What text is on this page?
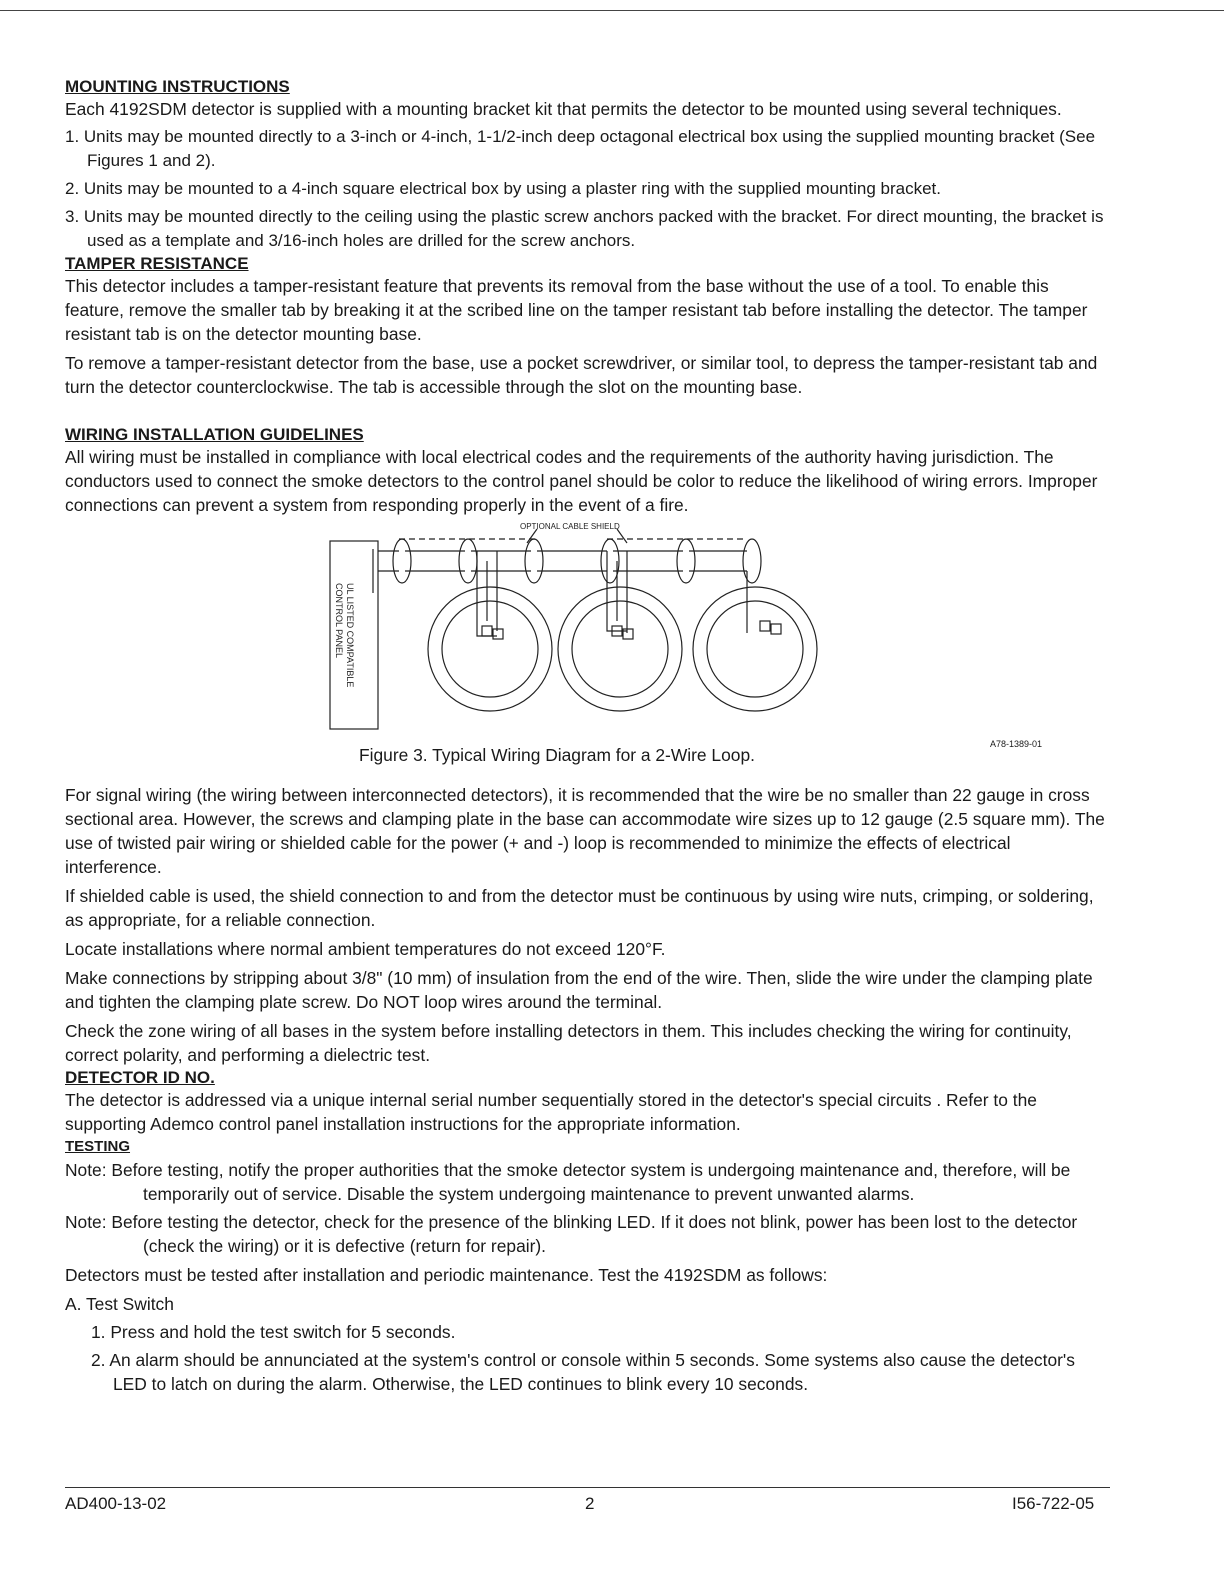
MOUNTING INSTRUCTIONS

Each 4192SDM detector is supplied with a mounting bracket kit that permits the detector to be mounted using several techniques.

1. Units may be mounted directly to a 3-inch or 4-inch, 1-1/2-inch deep octagonal electrical box using the supplied mounting bracket (See Figures 1 and 2).
2. Units may be mounted to a 4-inch square electrical box by using a plaster ring with the supplied mounting bracket.
3. Units may be mounted directly to the ceiling using the plastic screw anchors packed with the bracket. For direct mounting, the bracket is used as a template and 3/16-inch holes are drilled for the screw anchors.
TAMPER RESISTANCE

This detector includes a tamper-resistant feature that prevents its removal from the base without the use of a tool. To enable this feature, remove the smaller tab by breaking it at the scribed line on the tamper resistant tab before installing the detector. The tamper resistant tab is on the detector mounting base.

To remove a tamper-resistant detector from the base, use a pocket screwdriver, or similar tool, to depress the tamper-resistant tab and turn the detector counterclockwise. The tab is accessible through the slot on the mounting base.

WIRING INSTALLATION GUIDELINES

All wiring must be installed in compliance with local electrical codes and the requirements of the authority having jurisdiction. The conductors used to connect the smoke detectors to the control panel should be color to reduce the likelihood of wiring errors. Improper connections can prevent a system from responding properly in the event of a fire.

OPTIONAL CABLE SHIELD
UL LISTED COMPATIBLE
CONTROL PANEL
Figure 3. Typical Wiring Diagram for a 2-Wire Loop.
A78-1389-01

For signal wiring (the wiring between interconnected detectors), it is recommended that the wire be no smaller than 22 gauge in cross sectional area. However, the screws and clamping plate in the base can accommodate wire sizes up to 12 gauge (2.5 square mm). The use of twisted pair wiring or shielded cable for the power (+ and -) loop is recommended to minimize the effects of electrical interference.

If shielded cable is used, the shield connection to and from the detector must be continuous by using wire nuts, crimping, or soldering, as appropriate, for a reliable connection.

Locate installations where normal ambient temperatures do not exceed 120°F.

Make connections by stripping about 3/8" (10 mm) of insulation from the end of the wire. Then, slide the wire under the clamping plate and tighten the clamping plate screw. Do NOT loop wires around the terminal.

Check the zone wiring of all bases in the system before installing detectors in them. This includes checking the wiring for continuity, correct polarity, and performing a dielectric test.

DETECTOR ID NO.

The detector is addressed via a unique internal serial number sequentially stored in the detector's special circuits . Refer to the supporting Ademco control panel installation instructions for the appropriate information.

TESTING
Note: Before testing, notify the proper authorities that the smoke detector system is undergoing maintenance and, therefore, will be temporarily out of service. Disable the system undergoing maintenance to prevent unwanted alarms.
Note: Before testing the detector, check for the presence of the blinking LED. If it does not blink, power has been lost to the detector (check the wiring) or it is defective (return for repair).

Detectors must be tested after installation and periodic maintenance. Test the 4192SDM as follows:

A. Test Switch

1. Press and hold the test switch for 5 seconds.
2. An alarm should be annunciated at the system's control or console within 5 seconds. Some systems also cause the detector's LED to latch on during the alarm. Otherwise, the LED continues to blink every 10 seconds.
AD400-13-02	2	I56-722-05
